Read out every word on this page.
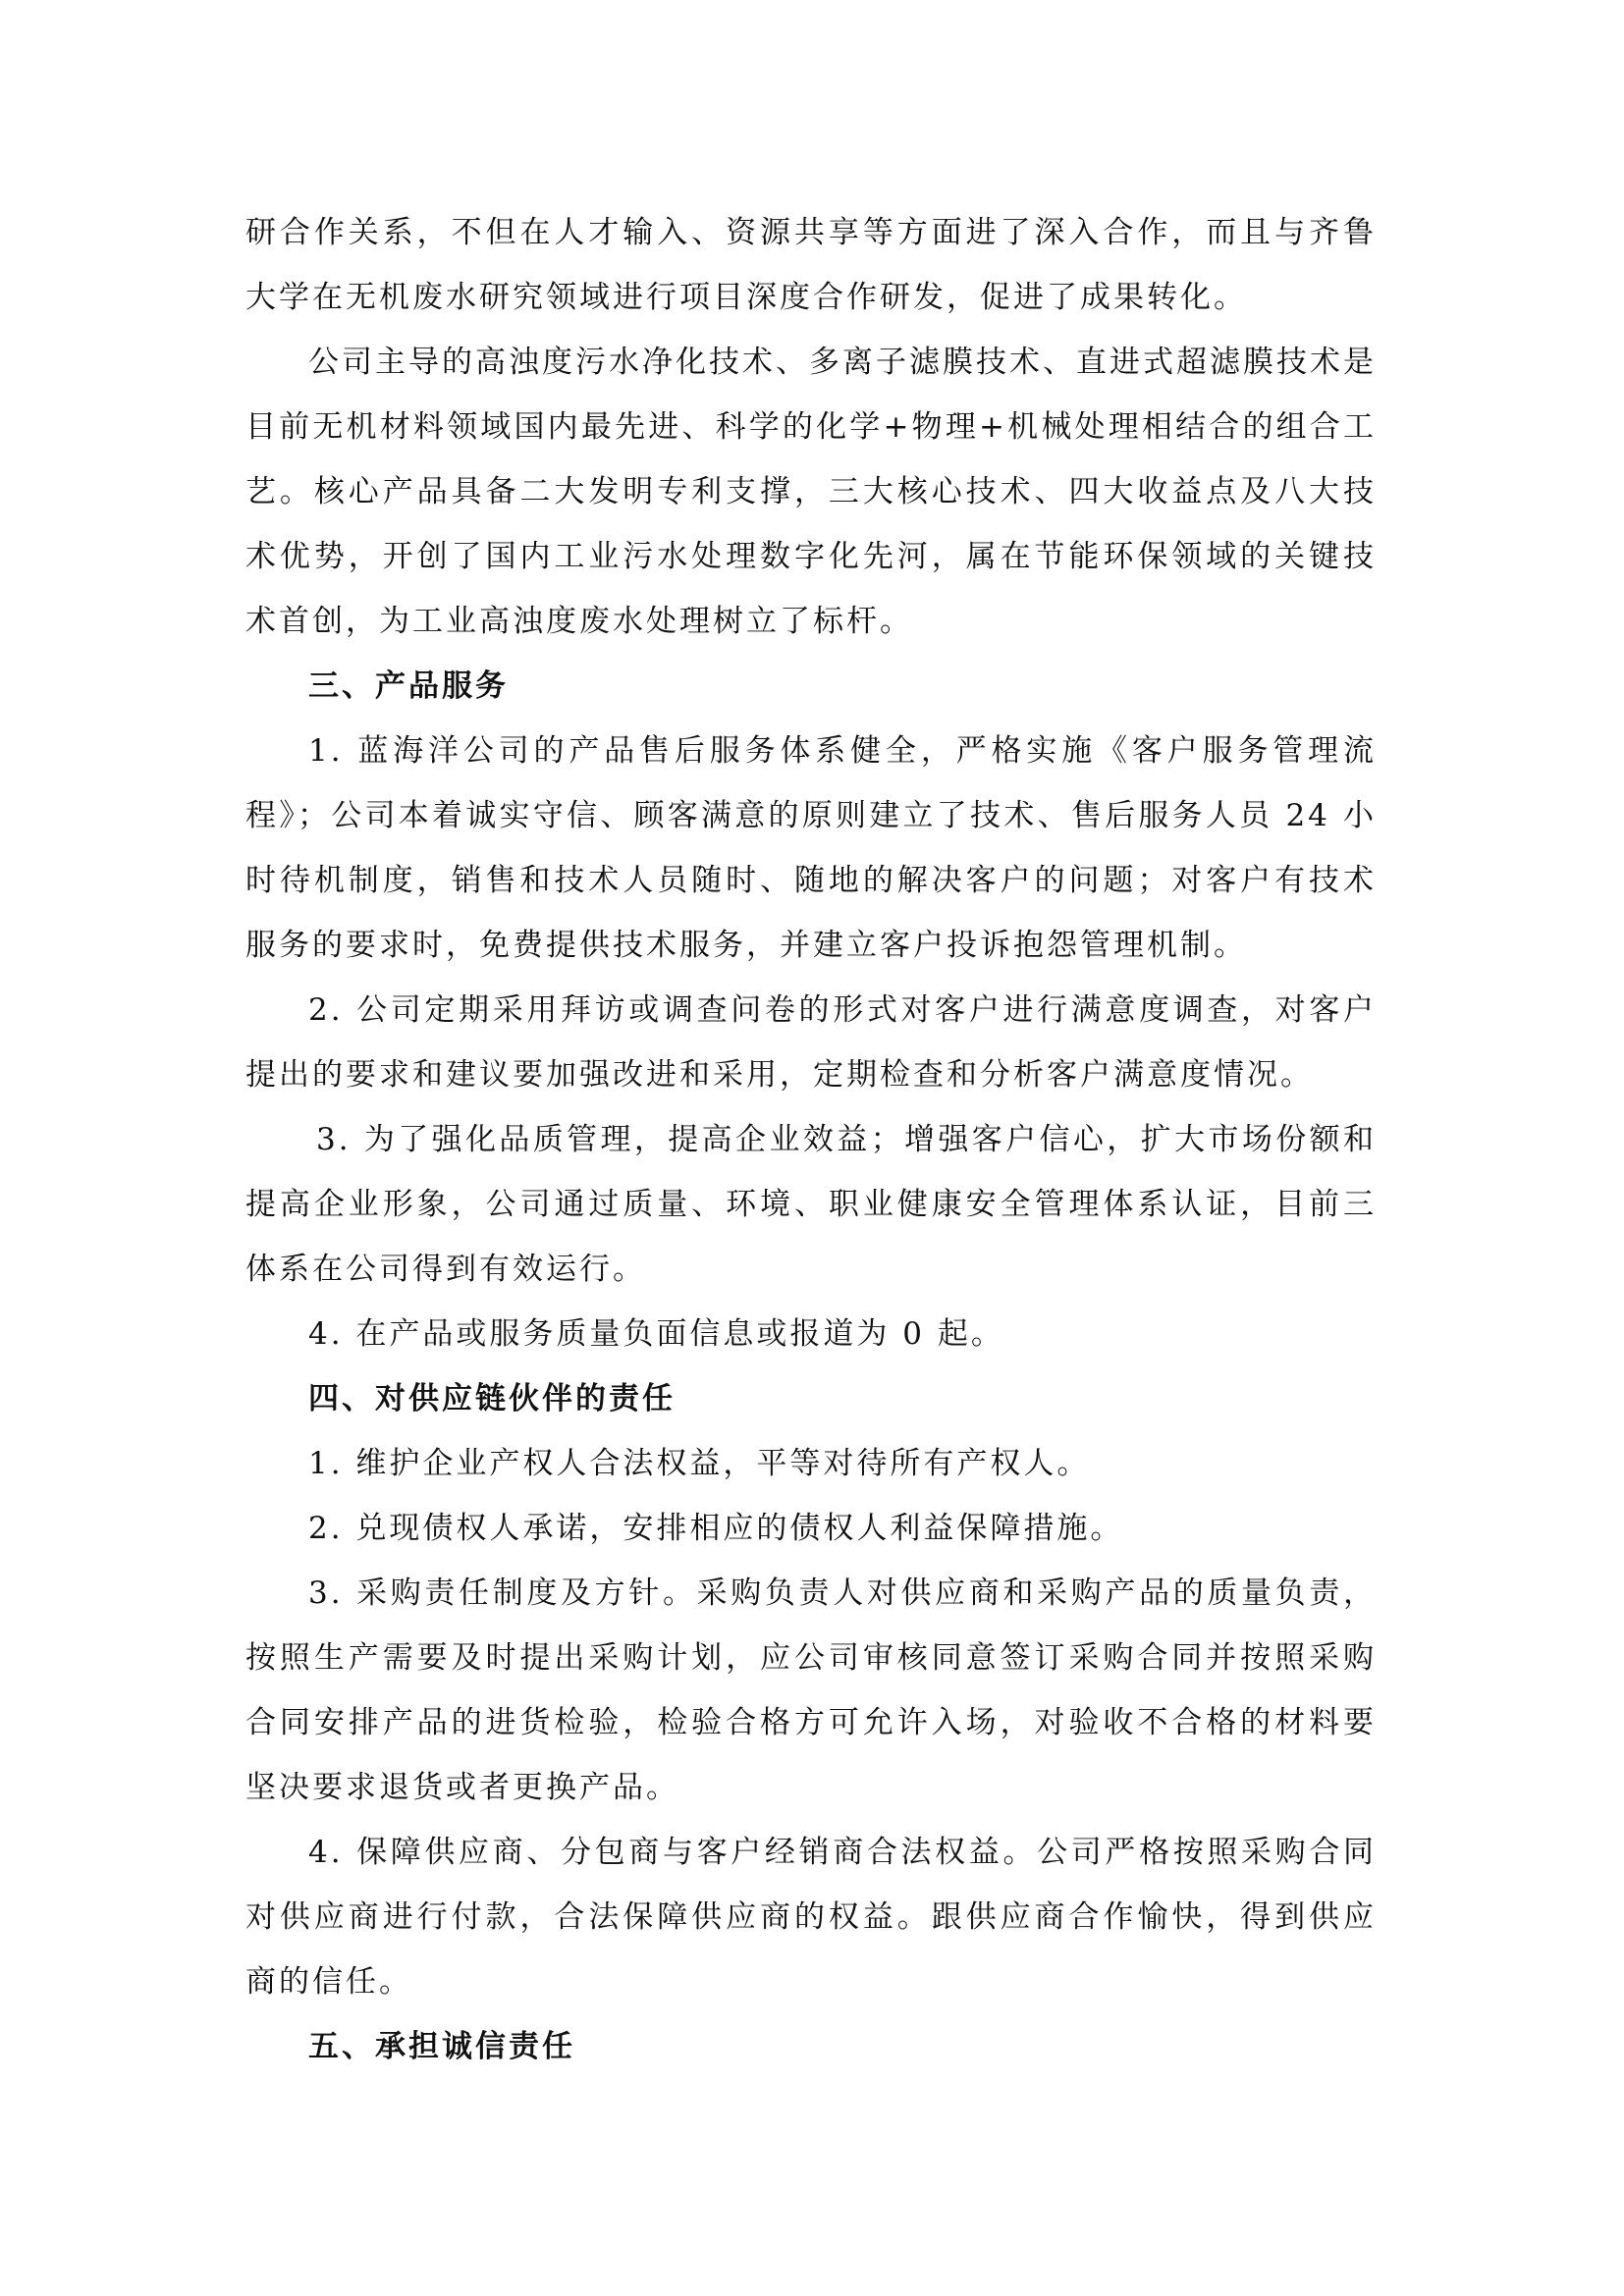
研合作关系，不但在人才输入、资源共享等方面进了深入合作，而且与齐鲁大学在无机废水研究领域进行项目深度合作研发，促进了成果转化。

公司主导的高浊度污水净化技术、多离子滤膜技术、直进式超滤膜技术是目前无机材料领域国内最先进、科学的化学+物理+机械处理相结合的组合工艺。核心产品具备二大发明专利支撑，三大核心技术、四大收益点及八大技术优势，开创了国内工业污水处理数字化先河，属在节能环保领域的关键技术首创，为工业高浊度废水处理树立了标杆。

三、产品服务

1. 蓝海洋公司的产品售后服务体系健全，严格实施《客户服务管理流程》；公司本着诚实守信、顾客满意的原则建立了技术、售后服务人员 24 小时待机制度，销售和技术人员随时、随地的解决客户的问题；对客户有技术服务的要求时，免费提供技术服务，并建立客户投诉抱怨管理机制。

2. 公司定期采用拜访或调查问卷的形式对客户进行满意度调查，对客户提出的要求和建议要加强改进和采用，定期检查和分析客户满意度情况。

3. 为了强化品质管理，提高企业效益；增强客户信心，扩大市场份额和提高企业形象，公司通过质量、环境、职业健康安全管理体系认证，目前三体系在公司得到有效运行。

4. 在产品或服务质量负面信息或报道为 0 起。

四、对供应链伙伴的责任

1. 维护企业产权人合法权益，平等对待所有产权人。

2. 兑现债权人承诺，安排相应的债权人利益保障措施。

3. 采购责任制度及方针。采购负责人对供应商和采购产品的质量负责，按照生产需要及时提出采购计划，应公司审核同意签订采购合同并按照采购合同安排产品的进货检验，检验合格方可允许入场，对验收不合格的材料要坚决要求退货或者更换产品。

4. 保障供应商、分包商与客户经销商合法权益。公司严格按照采购合同对供应商进行付款，合法保障供应商的权益。跟供应商合作愉快，得到供应商的信任。

五、承担诚信责任
